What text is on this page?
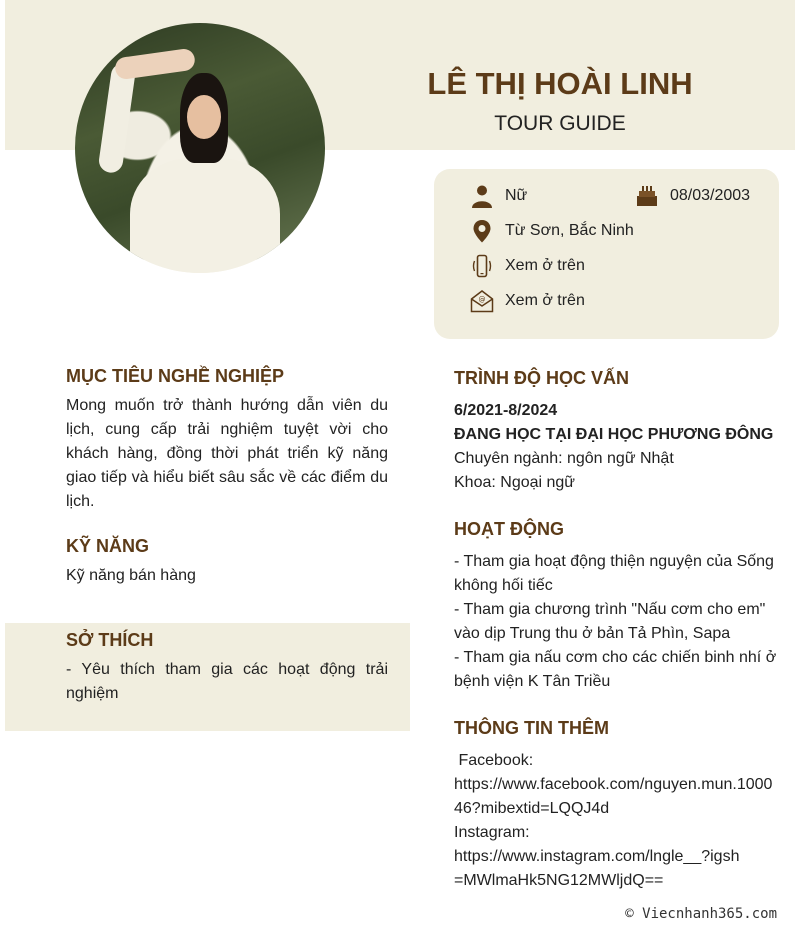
LÊ THỊ HOÀI LINH
TOUR GUIDE
Nữ	08/03/2003
Từ Sơn, Bắc Ninh
Xem ở trên
@ Xem ở trên
MỤC TIÊU NGHỀ NGHIỆP
Mong muốn trở thành hướng dẫn viên du lịch, cung cấp trải nghiệm tuyệt vời cho khách hàng, đồng thời phát triển kỹ năng giao tiếp và hiểu biết sâu sắc về các điểm du lịch.
KỸ NĂNG
Kỹ năng bán hàng
SỞ THÍCH
- Yêu thích tham gia các hoạt động trải nghiệm
TRÌNH ĐỘ HỌC VẤN
6/2021-8/2024
ĐANG HỌC TẠI ĐẠI HỌC PHƯƠNG ĐÔNG
Chuyên ngành: ngôn ngữ Nhật
Khoa: Ngoại ngữ
HOẠT ĐỘNG
- Tham gia hoạt động thiện nguyện của Sống không hối tiếc
- Tham gia chương trình "Nấu cơm cho em" vào dịp Trung thu ở bản Tả Phìn, Sapa
- Tham gia nấu cơm cho các chiến binh nhí ở bệnh viện K Tân Triều
THÔNG TIN THÊM
Facebook:
https://www.facebook.com/nguyen.mun.100046?mibextid=LQQJ4d
Instagram:
https://www.instagram.com/lngle__?igsh=MWlmaHk5NG12MWljdQ==
© Viecnhanh365.com
